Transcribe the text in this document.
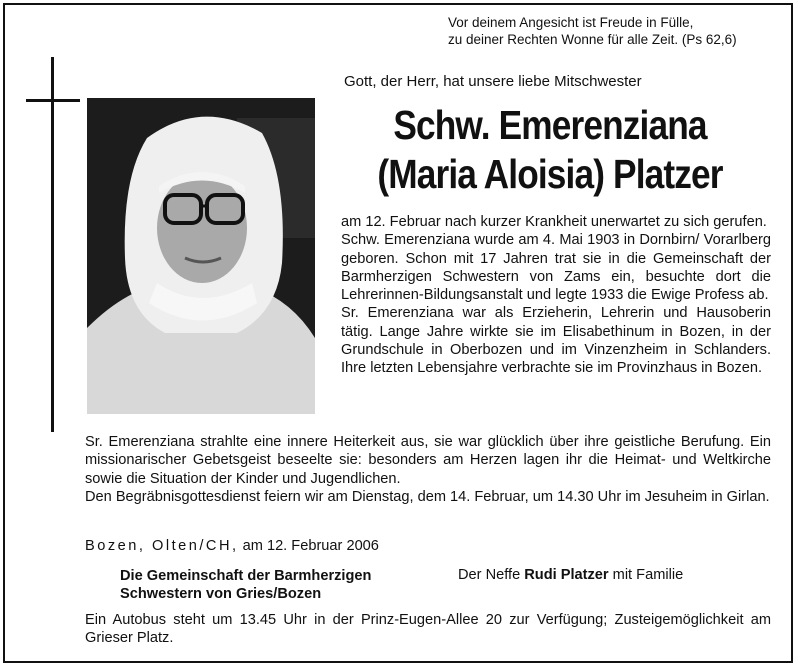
Vor deinem Angesicht ist Freude in Fülle,
zu deiner Rechten Wonne für alle Zeit. (Ps 62,6)
Gott, der Herr, hat unsere liebe Mitschwester
Schw. Emerenziana
(Maria Aloisia) Platzer

am 12. Februar nach kurzer Krankheit unerwartet zu sich gerufen.

Schw. Emerenziana wurde am 4. Mai 1903 in Dornbirn/ Vorarlberg geboren. Schon mit 17 Jahren trat sie in die Gemeinschaft der Barmherzigen Schwestern von Zams ein, besuchte dort die Lehrerinnen-Bildungsanstalt und legte 1933 die Ewige Profess ab.

Sr. Emerenziana war als Erzieherin, Lehrerin und Hausoberin tätig. Lange Jahre wirkte sie im Elisabethinum in Bozen, in der Grundschule in Oberbozen und im Vinzenzheim in Schlanders. Ihre letzten Lebensjahre verbrachte sie im Provinzhaus in Bozen.

Sr. Emerenziana strahlte eine innere Heiterkeit aus, sie war glücklich über ihre geistliche Berufung. Ein missionarischer Gebetsgeist beseelte sie: besonders am Herzen lagen ihr die Heimat- und Weltkirche sowie die Situation der Kinder und Jugendlichen.

Den Begräbnisgottesdienst feiern wir am Dienstag, dem 14. Februar, um 14.30 Uhr im Jesuheim in Girlan.

Bozen, Olten/CH, am 12. Februar 2006
Die Gemeinschaft der Barmherzigen
Schwestern von Gries/Bozen
Der Neffe Rudi Platzer mit Familie
Ein Autobus steht um 13.45 Uhr in der Prinz-Eugen-Allee 20 zur Verfügung; Zusteigemöglichkeit am Grieser Platz.
